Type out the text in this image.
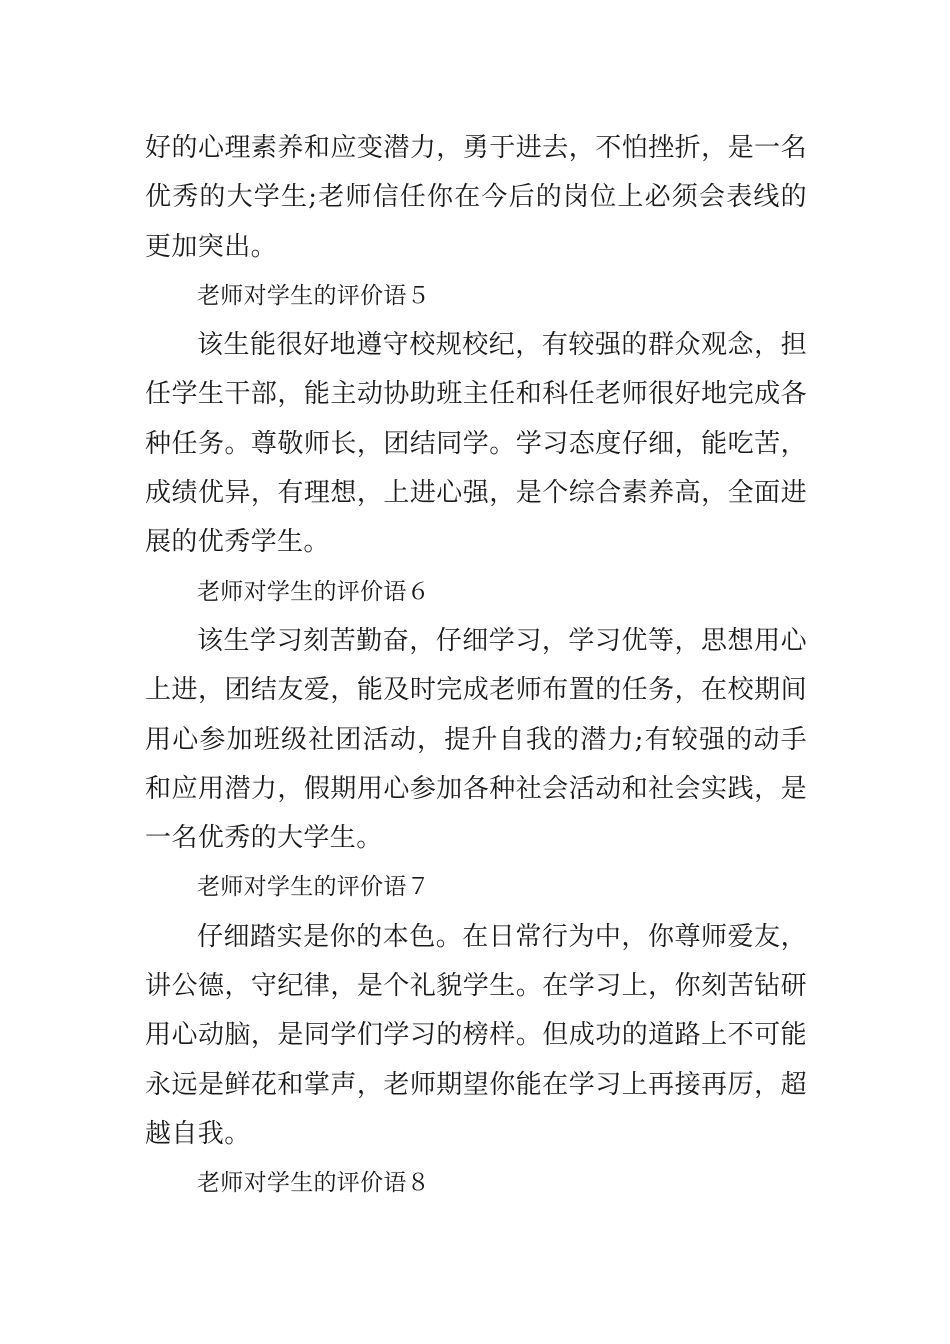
好的心理素养和应变潜力，勇于进去，不怕挫折，是一名优秀的大学生;老师信任你在今后的岗位上必须会表线的更加突出。

老师对学生的评价语５

该生能很好地遵守校规校纪，有较强的群众观念，担任学生干部，能主动协助班主任和科任老师很好地完成各种任务。尊敬师长，团结同学。学习态度仔细，能吃苦，成绩优异，有理想，上进心强，是个综合素养高，全面进展的优秀学生。

老师对学生的评价语６

该生学习刻苦勤奋，仔细学习，学习优等，思想用心上进，团结友爱，能及时完成老师布置的任务，在校期间用心参加班级社团活动，提升自我的潜力;有较强的动手和应用潜力，假期用心参加各种社会活动和社会实践，是一名优秀的大学生。

老师对学生的评价语７

仔细踏实是你的本色。在日常行为中，你尊师爱友，讲公德，守纪律，是个礼貌学生。在学习上，你刻苦钻研用心动脑，是同学们学习的榜样。但成功的道路上不可能永远是鲜花和掌声，老师期望你能在学习上再接再厉，超越自我。

老师对学生的评价语８
